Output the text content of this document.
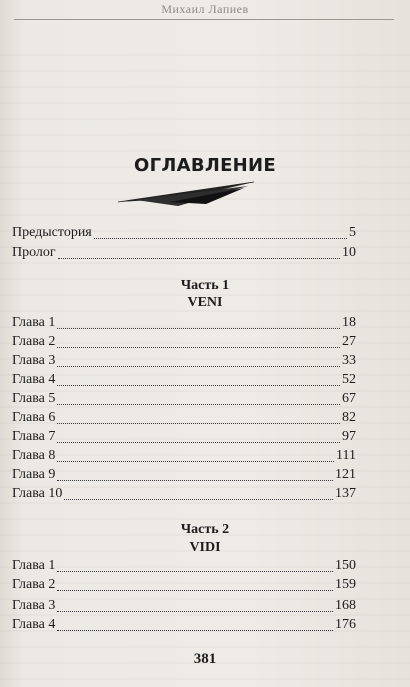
Михаил Лапиев
ОГЛАВЛЕНИЕ
Предыстория	5
Пролог	10
Часть 1
VENI
Глава 1	18
Глава 2	27
Глава 3	33
Глава 4	52
Глава 5	67
Глава 6	82
Глава 7	97
Глава 8	111
Глава 9	121
Глава 10	137
Часть 2
VIDI
Глава 1	150
Глава 2	159
Глава 3	168
Глава 4	176
381
